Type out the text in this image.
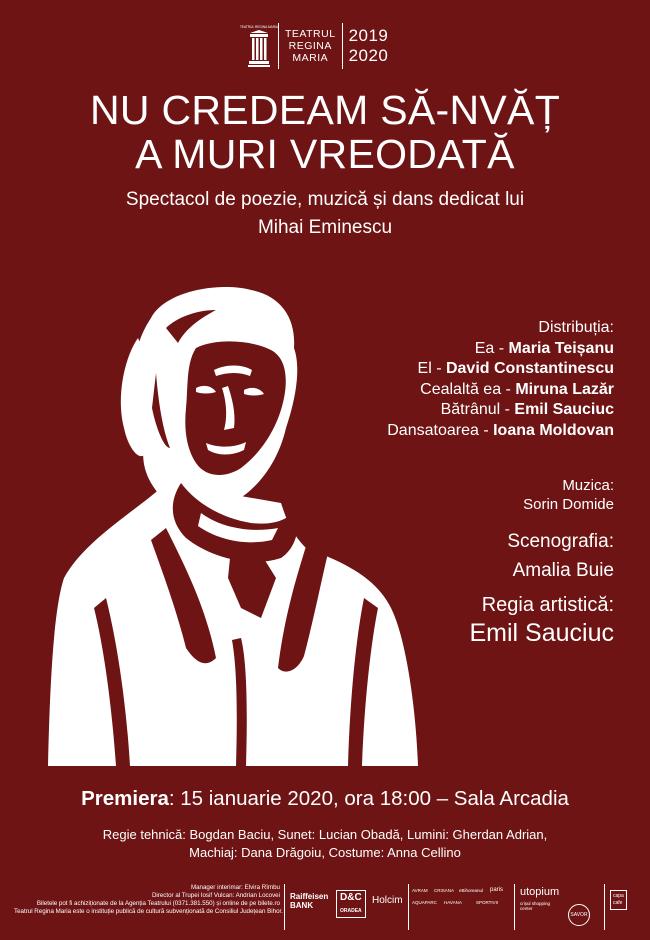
TEATRUL REGINA MARIA
TEATRUL
REGINA
MARIA
2019
2020
NU CREDEAM SĂ-NVĂȚ
A MURI VREODATĂ
Spectacol de poezie, muzică și dans dedicat lui
Mihai Eminescu
Distribuția:
Ea - Maria Teișanu
El - David Constantinescu
Cealaltă ea - Miruna Lazăr
Bătrânul - Emil Sauciuc
Dansatoarea - Ioana Moldovan
Muzica:
Sorin Domide
Scenografia:
Amalia Buie
Regia artistică:
Emil Sauciuc
Premiera: 15 ianuarie 2020, ora 18:00 – Sala Arcadia
Regie tehnică: Bogdan Baciu, Sunet: Lucian Obadă, Lumini: Gherdan Adrian,
Machiaj: Dana Drăgoiu, Costume: Anna Cellino
Manager interimar: Elvira Rîmbu
Director al Trupei Iosif Vulcan: Andrian Locovei
Biletele pot fi achiziționate de la Agenția Teatrului (0371.381.550) și online de pe bilete.ro
Teatrul Regina Maria este o instituție publică de cultură subvenționată de Consiliul Județean Bihor.
Raiffeisen
BANK
D&C
ORADEA
Holcim
AVRAM CRISANA eBihoreanul paris
AQUAPARC HAVANA	SPORTIVII
utopium
crișul shopping center
SAVOR
capa
cafe
